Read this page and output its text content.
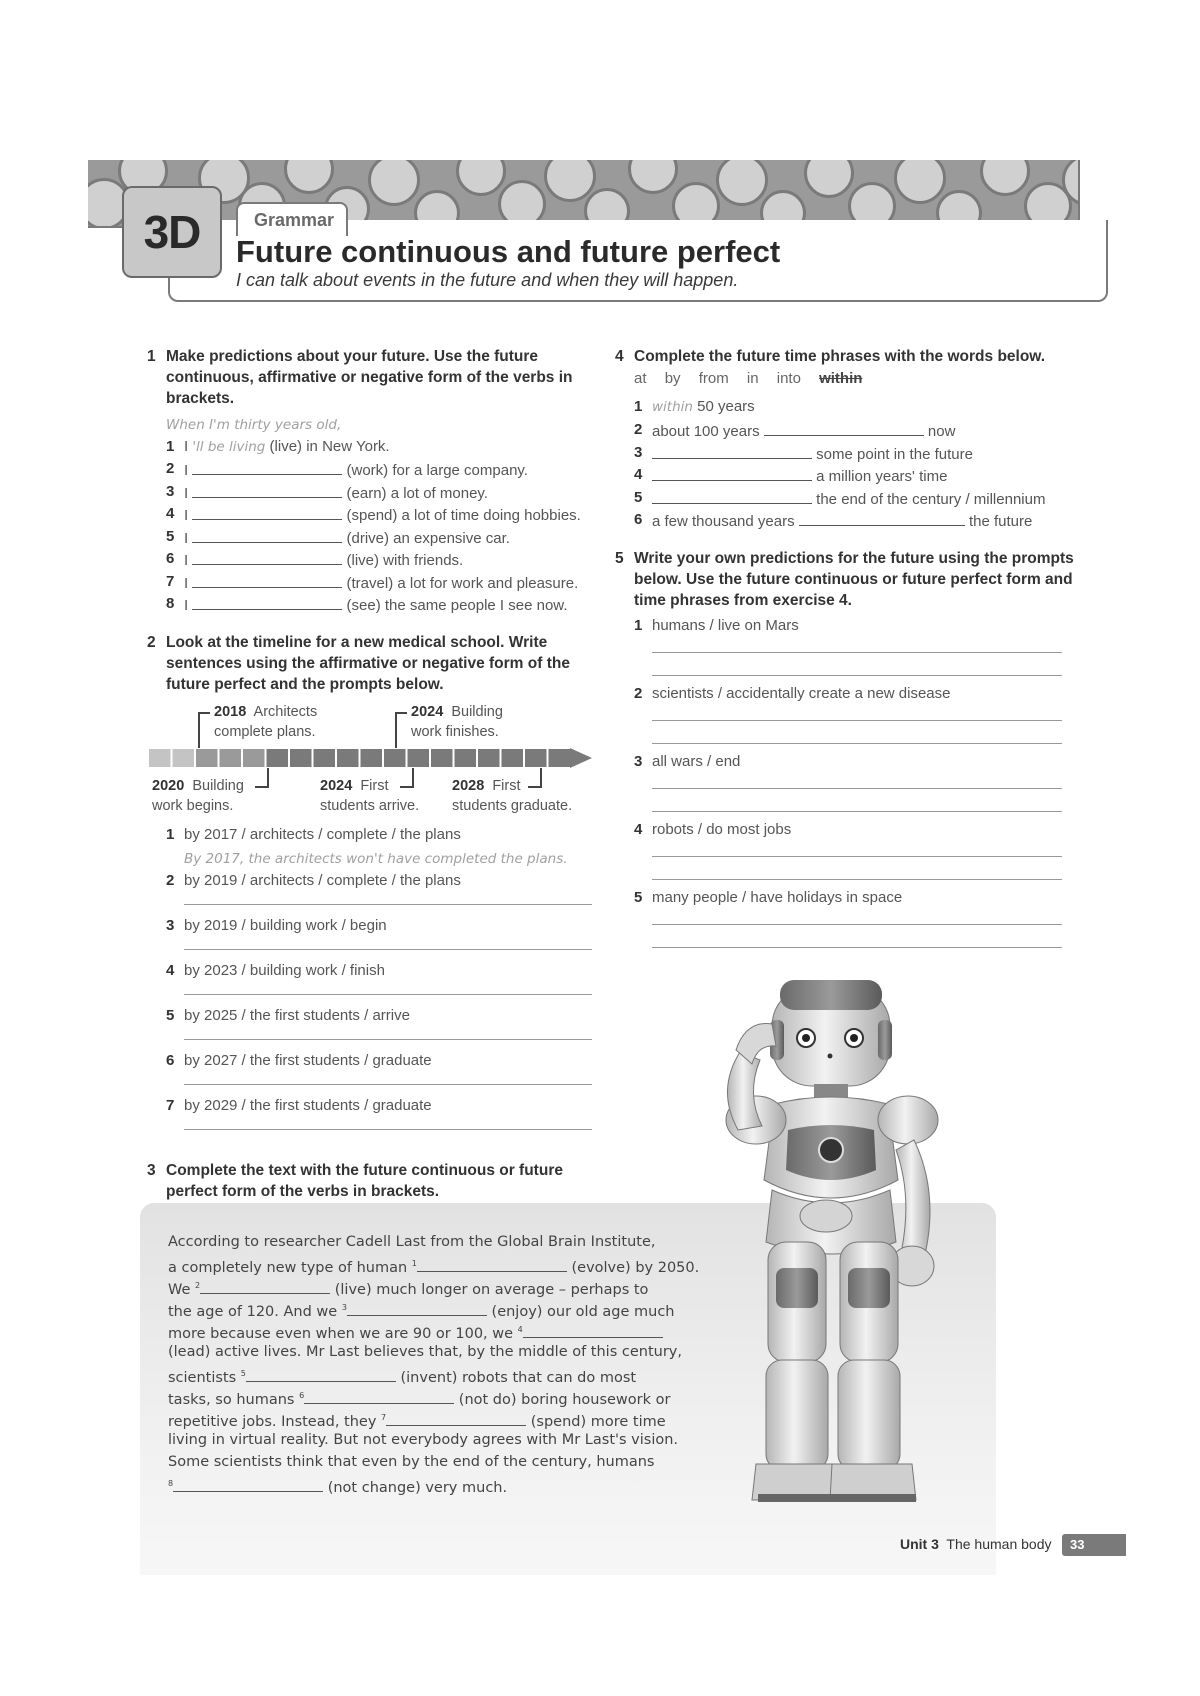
3D	Grammar
Future continuous and future perfect
I can talk about events in the future and when they will happen.
1 Make predictions about your future. Use the future continuous, affirmative or negative form of the verbs in brackets.
When I'm thirty years old,
1 I 'll be living (live) in New York.
2 I	(work) for a large company.
3 I	(earn) a lot of money.
4 I	(spend) a lot of time doing hobbies.
5 I	(drive) an expensive car.
6 I	(live) with friends.
7 I	(travel) a lot for work and pleasure.
8 I	(see) the same people I see now.
2 Look at the timeline for a new medical school. Write sentences using the affirmative or negative form of the future perfect and the prompts below.
2018 Architects
complete plans.
2024 Building
work finishes.
2020 Building
work begins.
2024 First
students arrive.
2028 First
students graduate.
1 by 2017 / architects / complete / the plans
By 2017, the architects won't have completed the plans.
2 by 2019 / architects / complete / the plans
3 by 2019 / building work / begin
4 by 2023 / building work / finish
5 by 2025 / the first students / arrive
6 by 2027 / the first students / graduate
7 by 2029 / the first students / graduate
3 Complete the text with the future continuous or future perfect form of the verbs in brackets.
According to researcher Cadell Last from the Global Brain Institute,
a completely new type of human $^1$	(evolve) by 2050.
We $^2$	(live) much longer on average – perhaps to
the age of 120. And we $^3$	(enjoy) our old age much
more because even when we are 90 or 100, we $^4$
(lead) active lives. Mr Last believes that, by the middle of this century,
scientists $^5$	(invent) robots that can do most
tasks, so humans $^6$	(not do) boring housework or
repetitive jobs. Instead, they $^7$	(spend) more time
living in virtual reality. But not everybody agrees with Mr Last's vision.
Some scientists think that even by the end of the century, humans
$^8$	(not change) very much.
4 Complete the future time phrases with the words below.
at by from in into within
1 within 50 years
2 about 100 years	now
3	some point in the future
4	a million years' time
5	the end of the century / millennium
6 a few thousand years	the future
5 Write your own predictions for the future using the prompts below. Use the future continuous or future perfect form and time phrases from exercise 4.
1 humans / live on Mars
2 scientists / accidentally create a new disease
3 all wars / end
4 robots / do most jobs
5 many people / have holidays in space
Unit 3 The human body	33
